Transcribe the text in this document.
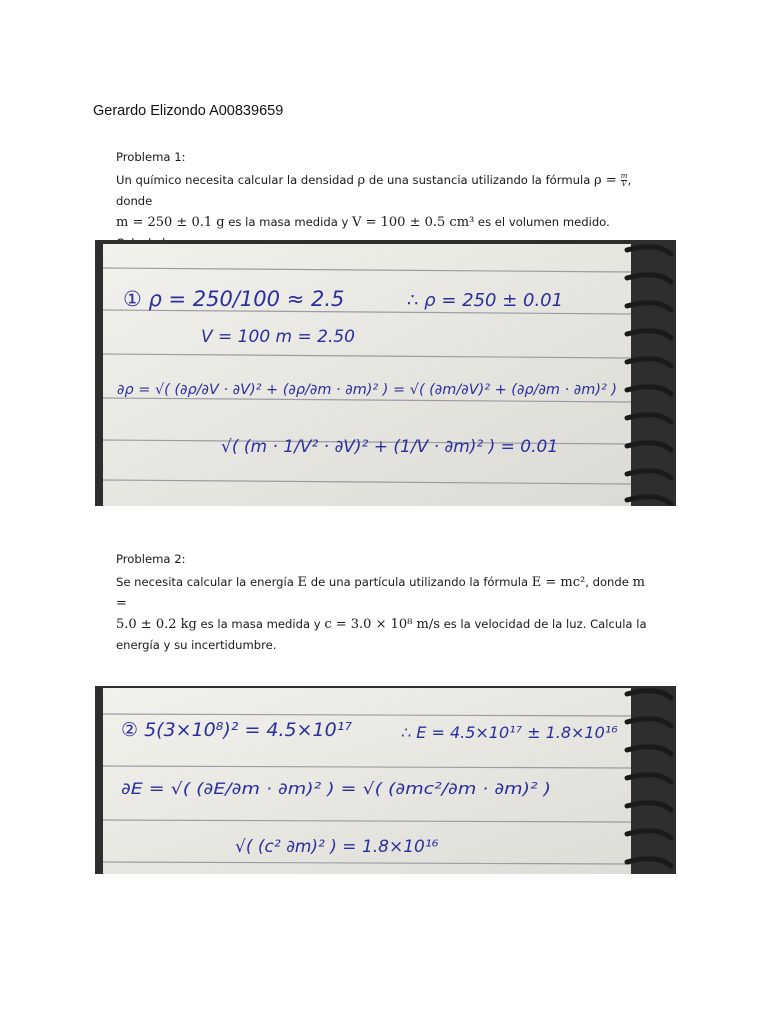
Gerardo Elizondo A00839659
Problema 1:
Un químico necesita calcular la densidad ρ de una sustancia utilizando la fórmula $\rho = \frac{m}{V}$ , donde
m = 250 ± 0.1 g es la masa medida y V = 100 ± 0.5 cm³ es el volumen medido.

① ρ = 250/100 ≈ 2.5	∴ ρ = 250 ± 0.01
V = 100 m = 2.50
∂ρ = √( (∂ρ/∂V · ∂V)² + (∂ρ/∂m · ∂m)² ) = √( (∂m/∂V)² + (∂ρ/∂m · ∂m)² )
√( (m · 1/V² · ∂V)² + (1/V · ∂m)² ) = 0.01
Problema 2:
Se necesita calcular la energía E de una partícula utilizando la fórmula E = mc², donde m =
5.0 ± 0.2 kg es la masa medida y c = 3.0 × 10⁸ m/s es la velocidad de la luz. Calcula la
energía y su incertidumbre.
② 5(3×10⁸)² = 4.5×10¹⁷	∴ E = 4.5×10¹⁷ ± 1.8×10¹⁶
∂E = √( (∂E/∂m · ∂m)² ) = √( (∂mc²/∂m · ∂m)² )
√( (c² ∂m)² ) = 1.8×10¹⁶
